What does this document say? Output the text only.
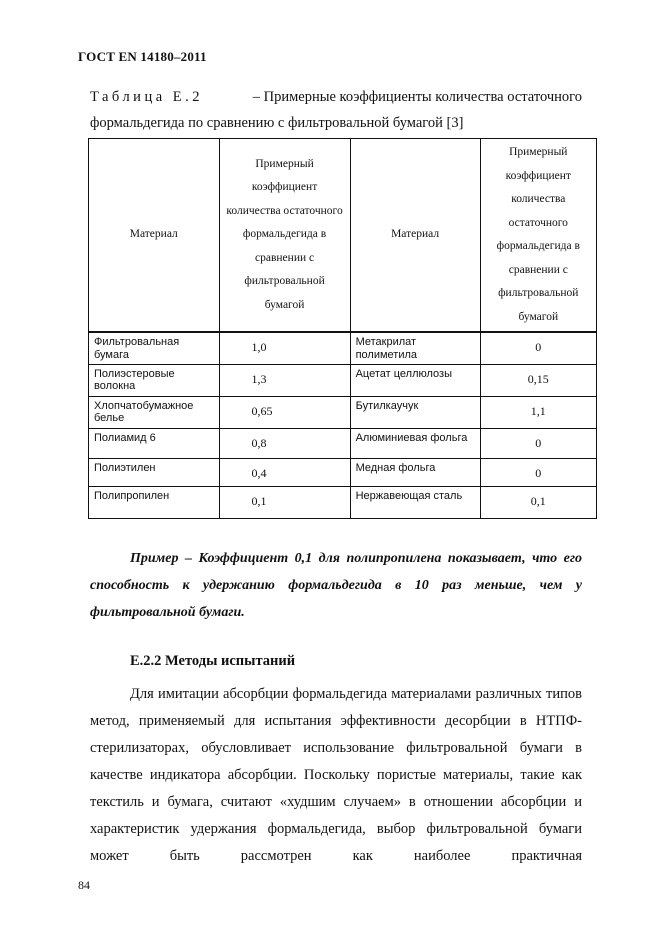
ГОСТ EN 14180–2011
Таблица Е.2	– Примерные коэффициенты количества остаточного
формальдегида по сравнению с фильтровальной бумагой [3]
Материал	Примерный коэффициент количества остаточного формальдегида в сравнении с фильтровальной бумагой	Материал	Примерный коэффициент количества остаточного формальдегида в сравнении с фильтровальной бумагой
Фильтровальная бумага	1,0	Метакрилат полиметила	0
Полиэстеровые волокна	1,3	Ацетат целлюлозы	0,15
Хлопчатобумажное белье	0,65	Бутилкаучук	1,1
Полиамид 6	0,8	Алюминиевая фольга	0
Полиэтилен	0,4	Медная фольга	0
Полипропилен	0,1	Нержавеющая сталь	0,1
Пример – Коэффициент 0,1 для полипропилена показывает, что его способность к удержанию формальдегида в 10 раз меньше, чем у фильтровальной бумаги.
Е.2.2 Методы испытаний
Для имитации абсорбции формальдегида материалами различных типов метод, применяемый для испытания эффективности десорбции в НТПФ-стерилизаторах, обусловливает использование фильтровальной бумаги в качестве индикатора абсорбции. Поскольку пористые материалы, такие как текстиль и бумага, считают «худшим случаем» в отношении абсорбции и характеристик удержания формальдегида, выбор фильтровальной бумаги может быть рассмотрен как наиболее практичная
84
